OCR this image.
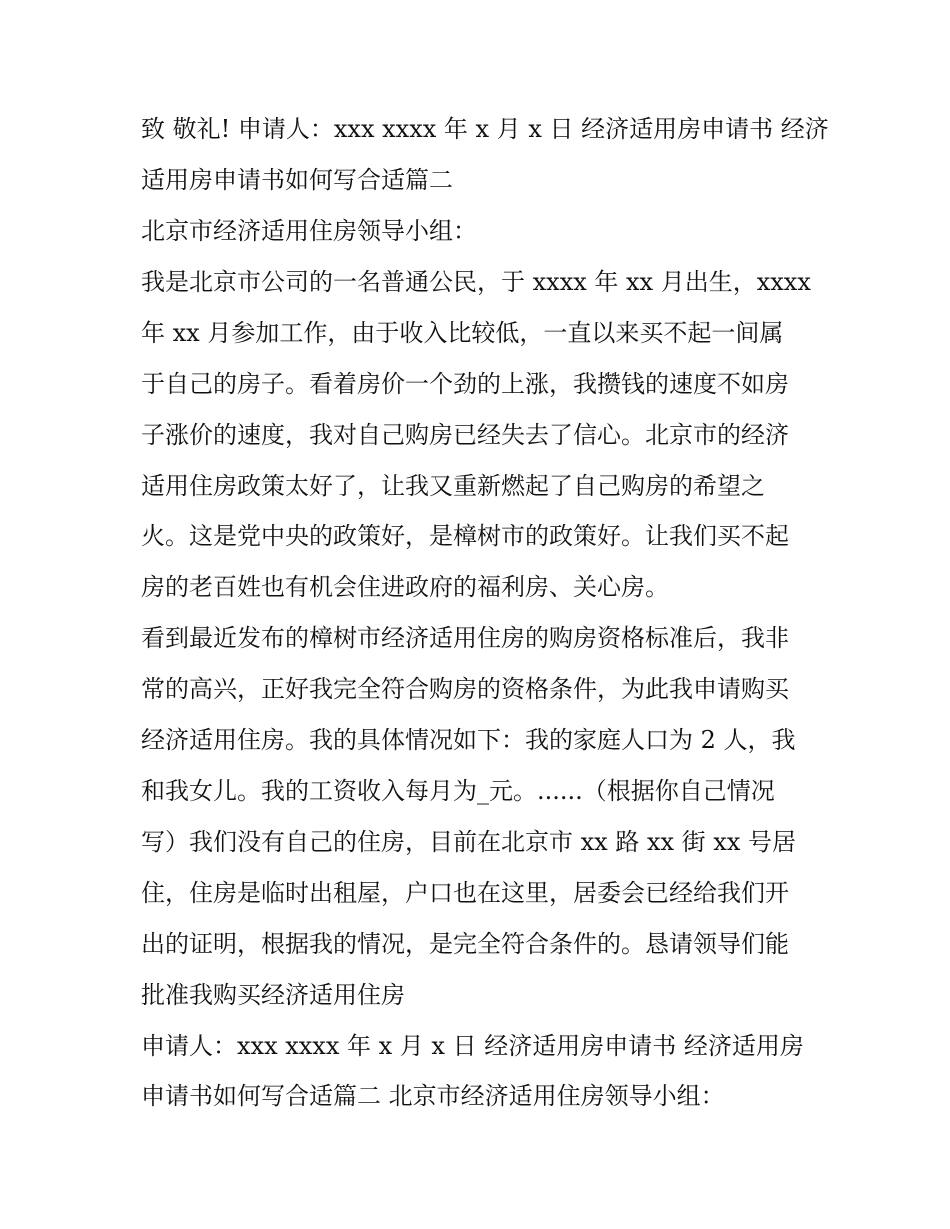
致 敬礼! 申请人：xxx xxxx 年 x 月 x 日 经济适用房申请书 经济
适用房申请书如何写合适篇二
北京市经济适用住房领导小组：
我是北京市公司的一名普通公民，于 xxxx 年 xx 月出生，xxxx
年 xx 月参加工作，由于收入比较低，一直以来买不起一间属
于自己的房子。看着房价一个劲的上涨，我攒钱的速度不如房
子涨价的速度，我对自己购房已经失去了信心。北京市的经济
适用住房政策太好了，让我又重新燃起了自己购房的希望之
火。这是党中央的政策好，是樟树市的政策好。让我们买不起
房的老百姓也有机会住进政府的福利房、关心房。
看到最近发布的樟树市经济适用住房的购房资格标准后，我非
常的高兴，正好我完全符合购房的资格条件，为此我申请购买
经济适用住房。我的具体情况如下：我的家庭人口为 2 人，我
和我女儿。我的工资收入每月为_元。......（根据你自己情况
写）我们没有自己的住房，目前在北京市 xx 路 xx 街 xx 号居
住，住房是临时出租屋，户口也在这里，居委会已经给我们开
出的证明，根据我的情况，是完全符合条件的。恳请领导们能
批准我购买经济适用住房
申请人：xxx xxxx 年 x 月 x 日 经济适用房申请书 经济适用房
申请书如何写合适篇二 北京市经济适用住房领导小组：
